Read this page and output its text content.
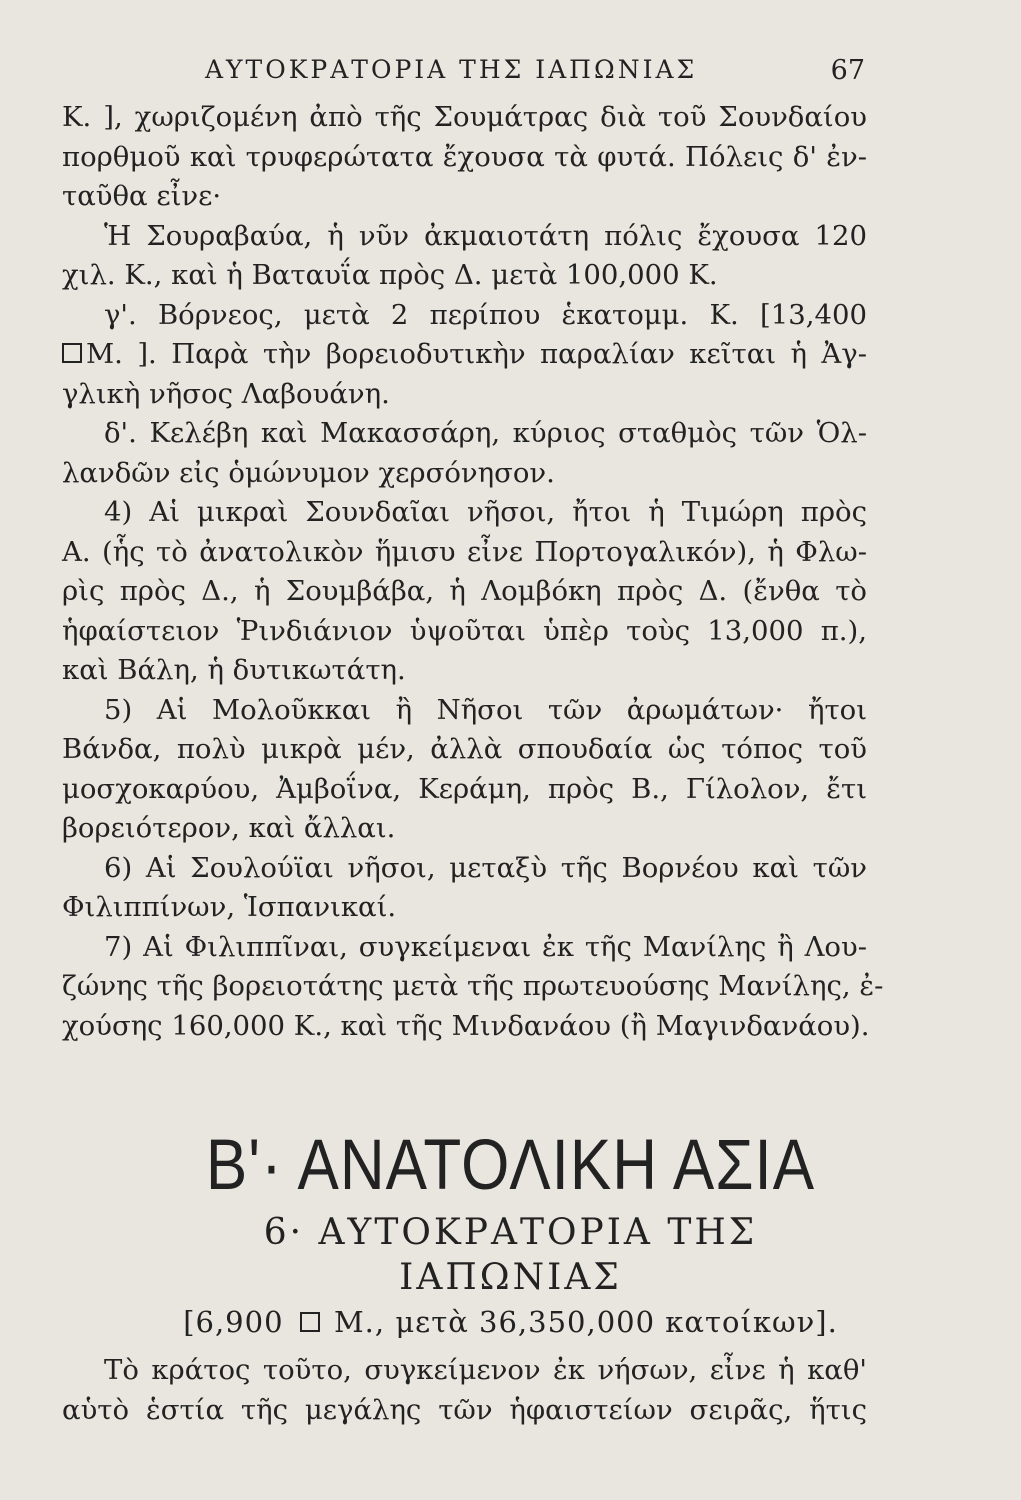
ΑΥΤΟΚΡΑΤΟΡΙΑ ΤΗΣ ΙΑΠΩΝΙΑΣ	67
K. ], χωριζομένη ἀπὸ τῆς Σουμάτρας διὰ τοῦ Σουνδαίου
πορθμοῦ καὶ τρυφερώτατα ἔχουσα τὰ φυτά. Πόλεις δ' ἐν-
ταῦθα εἶνε·
Ἡ Σουραβαύα, ἡ νῦν ἀκμαιοτάτη πόλις ἔχουσα 120
χιλ. Κ., καὶ ἡ Βαταυΐα πρὸς Δ. μετὰ 100,000 Κ.
γ'. Βόρνεος, μετὰ 2 περίπου ἑκατομμ. Κ. [13,400
Μ. ]. Παρὰ τὴν βορειοδυτικὴν παραλίαν κεῖται ἡ Ἀγ-
γλικὴ νῆσος Λαβουάνη.
δ'. Κελέβη καὶ Μακασσάρη, κύριος σταθμὸς τῶν Ὁλ-
λανδῶν εἰς ὁμώνυμον χερσόνησον.
4) Αἱ μικραὶ Σουνδαῖαι νῆσοι, ἤτοι ἡ Τιμώρη πρὸς
Α. (ἧς τὸ ἀνατολικὸν ἥμισυ εἶνε Πορτογαλικόν), ἡ Φλω-
ρὶς πρὸς Δ., ἡ Σουμβάβα, ἡ Λομβόκη πρὸς Δ. (ἔνθα τὸ
ἡφαίστειον Ῥινδιάνιον ὑψοῦται ὑπὲρ τοὺς 13,000 π.),
καὶ Βάλη, ἡ δυτικωτάτη.
5) Αἱ Μολοῦκκαι ἢ Νῆσοι τῶν ἀρωμάτων· ἤτοι
Βάνδα, πολὺ μικρὰ μέν, ἀλλὰ σπουδαία ὡς τόπος τοῦ
μοσχοκαρύου, Ἀμβοΐνα, Κεράμη, πρὸς Β., Γίλολον, ἔτι
βορειότερον, καὶ ἄλλαι.
6) Αἱ Σουλούϊαι νῆσοι, μεταξὺ τῆς Βορνέου καὶ τῶν
Φιλιππίνων, Ἱσπανικαί.
7) Αἱ Φιλιππῖναι, συγκείμεναι ἐκ τῆς Μανίλης ἢ Λου-
ζώνης τῆς βορειοτάτης μετὰ τῆς πρωτευούσης Μανίλης, ἐ-
χούσης 160,000 Κ., καὶ τῆς Μινδανάου (ἢ Μαγινδανάου).
Β'· ΑΝΑΤΟΛΙΚΗ ΑΣΙΑ
6· ΑΥΤΟΚΡΑΤΟΡΙΑ ΤΗΣ
ΙΑΠΩΝΙΑΣ
[6,900 Μ., μετὰ 36,350,000 κατοίκων].
Τὸ κράτος τοῦτο, συγκείμενον ἐκ νήσων, εἶνε ἡ καθ'
αὑτὸ ἑστία τῆς μεγάλης τῶν ἡφαιστείων σειρᾶς, ἥτις
